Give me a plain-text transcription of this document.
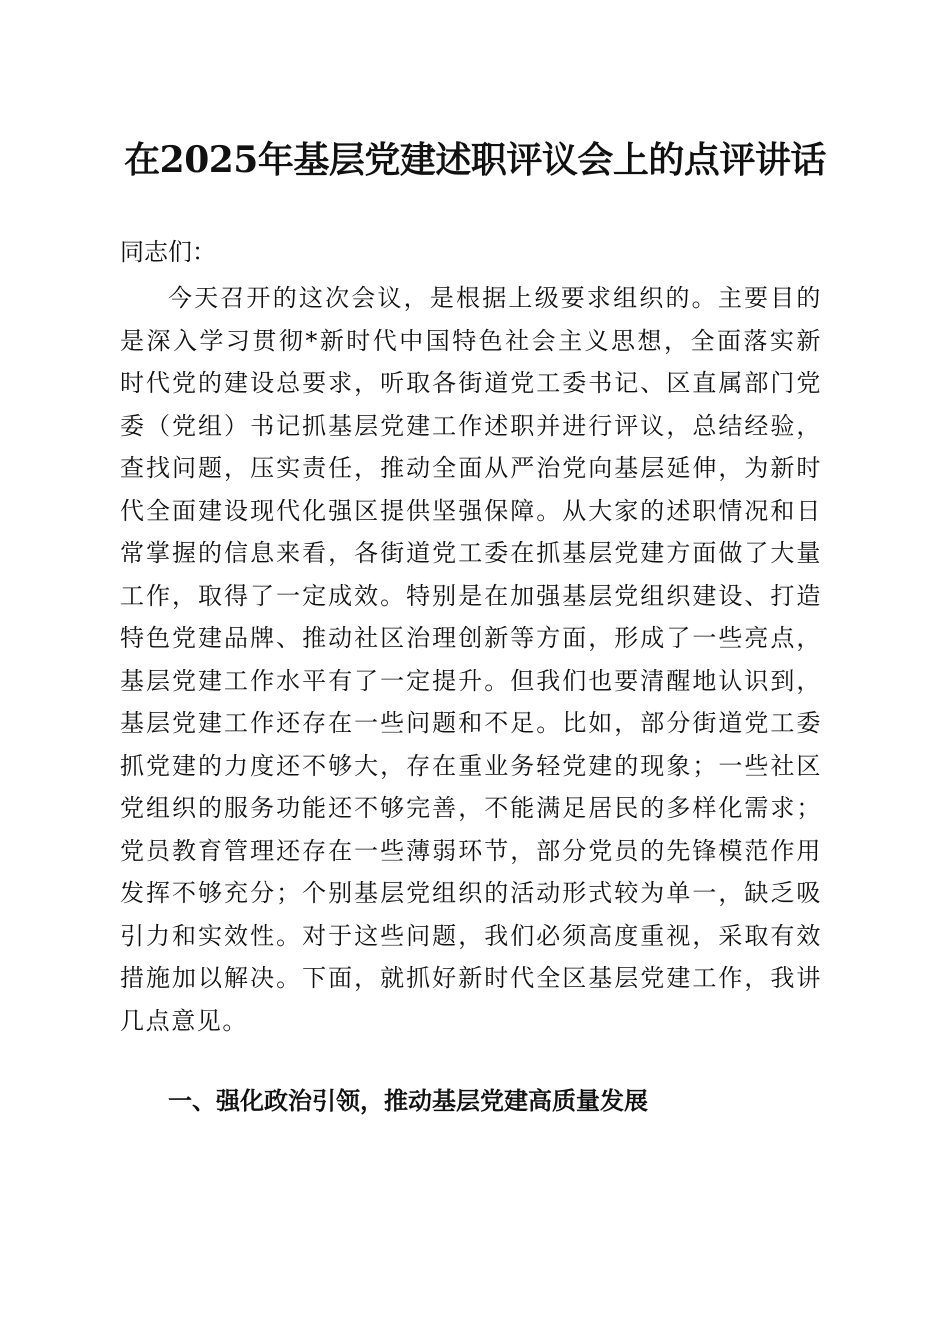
在2025年基层党建述职评议会上的点评讲话

同志们：

今天召开的这次会议，是根据上级要求组织的。主要目的是深入学习贯彻*新时代中国特色社会主义思想，全面落实新时代党的建设总要求，听取各街道党工委书记、区直属部门党委（党组）书记抓基层党建工作述职并进行评议，总结经验，查找问题，压实责任，推动全面从严治党向基层延伸，为新时代全面建设现代化强区提供坚强保障。从大家的述职情况和日常掌握的信息来看，各街道党工委在抓基层党建方面做了大量工作，取得了一定成效。特别是在加强基层党组织建设、打造特色党建品牌、推动社区治理创新等方面，形成了一些亮点，基层党建工作水平有了一定提升。但我们也要清醒地认识到，基层党建工作还存在一些问题和不足。比如，部分街道党工委抓党建的力度还不够大，存在重业务轻党建的现象；一些社区党组织的服务功能还不够完善，不能满足居民的多样化需求；党员教育管理还存在一些薄弱环节，部分党员的先锋模范作用发挥不够充分；个别基层党组织的活动形式较为单一，缺乏吸引力和实效性。对于这些问题，我们必须高度重视，采取有效措施加以解决。下面，就抓好新时代全区基层党建工作，我讲几点意见。

一、强化政治引领，推动基层党建高质量发展
